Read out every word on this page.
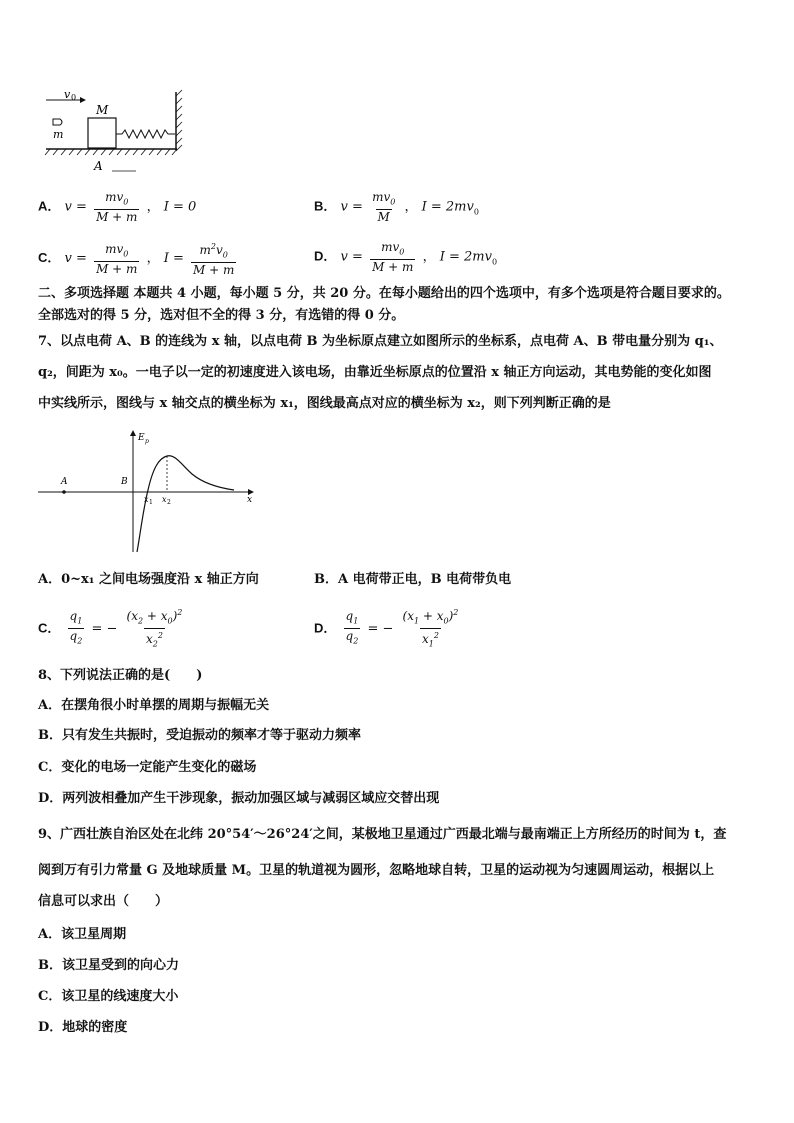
v 0
m
M
A
A． $v = \frac{mv_0}{M + m}$ ， I = 0	B． $v = \frac{mv_0}{M}$ ， $I = 2mv_0$
C． $v = \frac{mv_0}{M + m}$ ， $I = \frac{m^2v_0}{M + m}$	D． $v = \frac{mv_0}{M + m}$ ， $I = 2mv_0$
二、多项选择题 本题共 4 小题，每小题 5 分，共 20 分。在每小题给出的四个选项中，有多个选项是符合题目要求的。
全部选对的得 5 分，选对但不全的得 3 分，有选错的得 0 分。
7、以点电荷 A、B 的连线为 x 轴，以点电荷 B 为坐标原点建立如图所示的坐标系，点电荷 A、B 带电量分别为 q₁、
q₂，间距为 x₀。一电子以一定的初速度进入该电场，由靠近坐标原点的位置沿 x 轴正方向运动，其电势能的变化如图
中实线所示，图线与 x 轴交点的横坐标为 x₁，图线最高点对应的横坐标为 x₂，则下列判断正确的是
x
E p
A	B
x 1 x 2
A．0~x₁ 之间电场强度沿 x 轴正方向	B．A 电荷带正电，B 电荷带负电
C． $\frac{q_1}{q_2}$ = − $\frac{(x_2 + x_0)^2}{x_2^2}$	D． $\frac{q_1}{q_2}$ = − $\frac{(x_1 + x_0)^2}{x_1^2}$
8、下列说法正确的是(　　)
A．在摆角很小时单摆的周期与振幅无关
B．只有发生共振时，受迫振动的频率才等于驱动力频率
C．变化的电场一定能产生变化的磁场
D．两列波相叠加产生干涉现象，振动加强区域与减弱区域应交替出现
9、广西壮族自治区处在北纬 20°54′～26°24′之间，某极地卫星通过广西最北端与最南端正上方所经历的时间为 t，查
阅到万有引力常量 G 及地球质量 M。卫星的轨道视为圆形，忽略地球自转，卫星的运动视为匀速圆周运动，根据以上
信息可以求出（　　）
A．该卫星周期
B．该卫星受到的向心力
C．该卫星的线速度大小
D．地球的密度
